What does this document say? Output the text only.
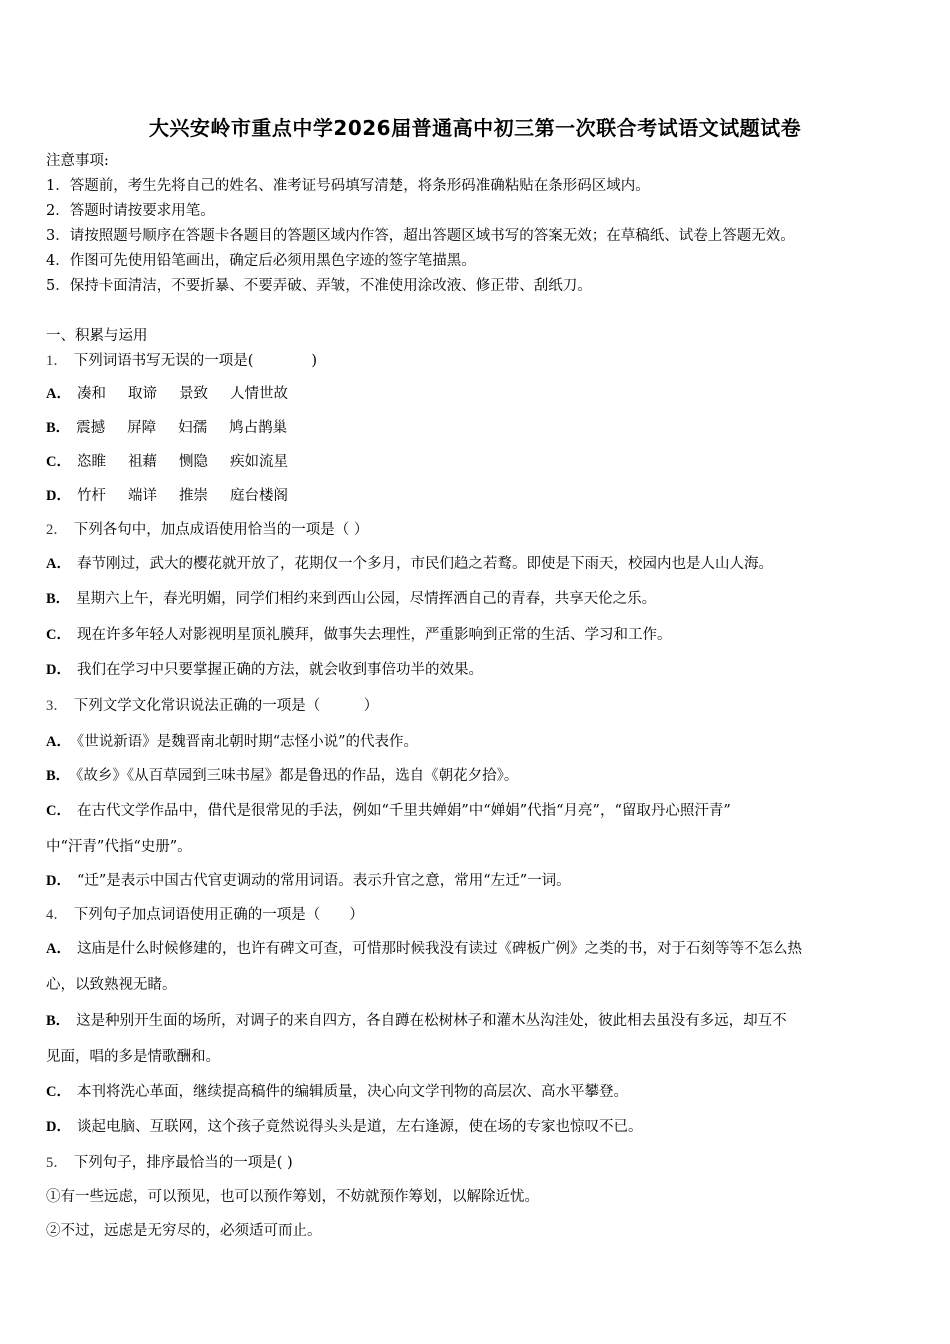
大兴安岭市重点中学2026届普通高中初三第一次联合考试语文试题试卷
注意事项:
1．答题前，考生先将自己的姓名、准考证号码填写清楚，将条形码准确粘贴在条形码区域内。
2．答题时请按要求用笔。
3．请按照题号顺序在答题卡各题目的答题区域内作答，超出答题区域书写的答案无效；在草稿纸、试卷上答题无效。
4．作图可先使用铅笔画出，确定后必须用黑色字迹的签字笔描黑。
5．保持卡面清洁，不要折暴、不要弄破、弄皱，不准使用涂改液、修正带、刮纸刀。
一、积累与运用
1． 下列词语书写无误的一项是(　　　　)
A． 凑和 取谛 景致 人情世故
B． 震撼 屏障 妇孺 鸠占鹊巢
C． 恣睢 祖藉 恻隐 疾如流星
D． 竹杆 端详 推崇 庭台楼阁
2． 下列各句中，加点成语使用恰当的一项是（ ）
A． 春节刚过，武大的樱花就开放了，花期仅一个多月，市民们趋之若鹜。即使是下雨天，校园内也是人山人海。
B． 星期六上午，春光明媚，同学们相约来到西山公园，尽情挥洒自己的青春，共享天伦之乐。
C． 现在许多年轻人对影视明星顶礼膜拜，做事失去理性，严重影响到正常的生活、学习和工作。
D． 我们在学习中只要掌握正确的方法，就会收到事倍功半的效果。
3． 下列文学文化常识说法正确的一项是（　　　）
A． 《世说新语》是魏晋南北朝时期“志怪小说”的代表作。
B． 《故乡》《从百草园到三味书屋》都是鲁迅的作品，选自《朝花夕拾》。
C． 在古代文学作品中，借代是很常见的手法，例如“千里共婵娟”中“婵娟”代指“月亮”，“留取丹心照汗青”
中“汗青”代指“史册”。
D． “迁”是表示中国古代官吏调动的常用词语。表示升官之意，常用“左迁”一词。
4． 下列句子加点词语使用正确的一项是（　　）
A． 这庙是什么时候修建的，也许有碑文可查，可惜那时候我没有读过《碑板广例》之类的书，对于石刻等等不怎么热
心，以致熟视无睹。
B． 这是种别开生面的场所，对调子的来自四方，各自蹲在松树林子和灌木丛沟洼处，彼此相去虽没有多远，却互不
见面，唱的多是情歌酬和。
C． 本刊将洗心革面，继续提高稿件的编辑质量，决心向文学刊物的高层次、高水平攀登。
D． 谈起电脑、互联网，这个孩子竟然说得头头是道，左右逢源，使在场的专家也惊叹不已。
5． 下列句子，排序最恰当的一项是( )
①有一些远虑，可以预见，也可以预作筹划，不妨就预作筹划，以解除近忧。
②不过，远虑是无穷尽的，必须适可而止。
